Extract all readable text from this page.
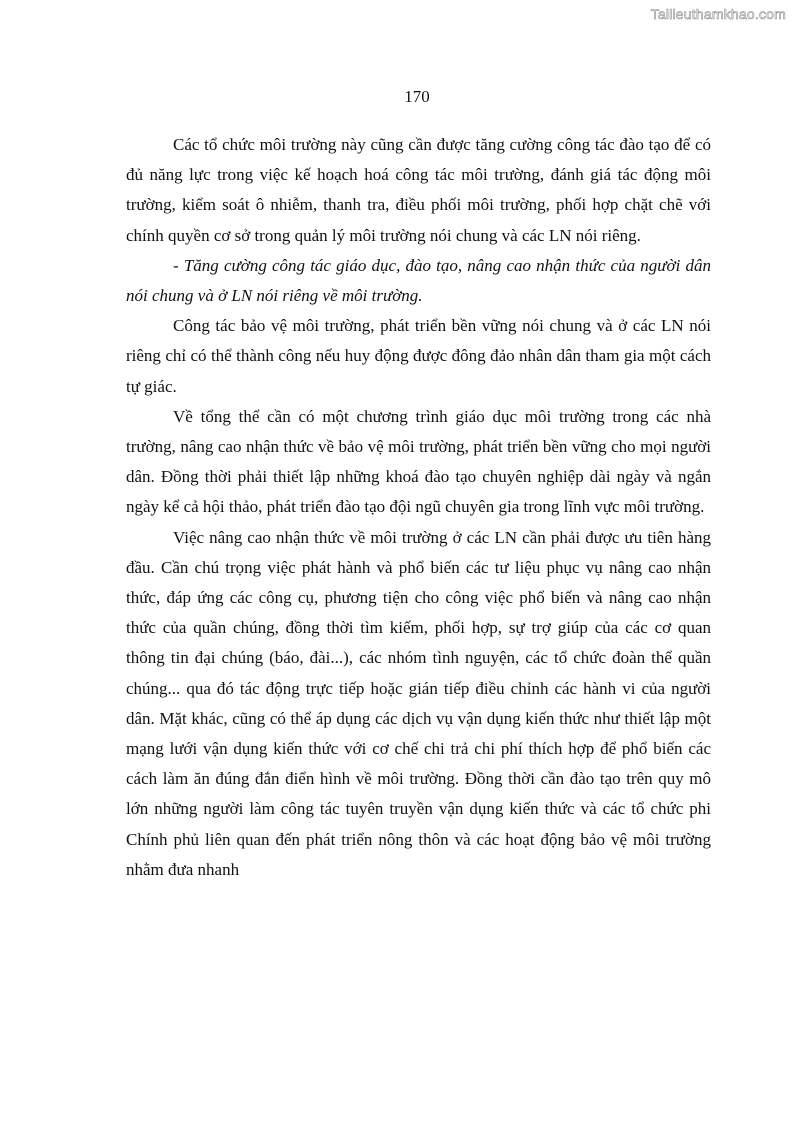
Tailieuthamkhao.com
170

Các tổ chức môi trường này cũng cần được tăng cường công tác đào tạo để có đủ năng lực trong việc kế hoạch hoá công tác môi trường, đánh giá tác động môi trường, kiểm soát ô nhiễm, thanh tra, điều phối môi trường, phối hợp chặt chẽ với chính quyền cơ sở trong quản lý môi trường nói chung và các LN nói riêng.

- Tăng cường công tác giáo dục, đào tạo, nâng cao nhận thức của người dân nói chung và ở LN nói riêng về môi trường.

Công tác bảo vệ môi trường, phát triển bền vững nói chung và ở các LN nói riêng chỉ có thể thành công nếu huy động được đông đảo nhân dân tham gia một cách tự giác.

Về tổng thể cần có một chương trình giáo dục môi trường trong các nhà trường, nâng cao nhận thức về bảo vệ môi trường, phát triển bền vững cho mọi người dân. Đồng thời phải thiết lập những khoá đào tạo chuyên nghiệp dài ngày và ngắn ngày kể cả hội thảo, phát triển đào tạo đội ngũ chuyên gia trong lĩnh vực môi trường.

Việc nâng cao nhận thức về môi trường ở các LN cần phải được ưu tiên hàng đầu. Cần chú trọng việc phát hành và phổ biến các tư liệu phục vụ nâng cao nhận thức, đáp ứng các công cụ, phương tiện cho công việc phổ biến và nâng cao nhận thức của quần chúng, đồng thời tìm kiếm, phối hợp, sự trợ giúp của các cơ quan thông tin đại chúng (báo, đài...), các nhóm tình nguyện, các tổ chức đoàn thể quần chúng... qua đó tác động trực tiếp hoặc gián tiếp điều chỉnh các hành vi của người dân. Mặt khác, cũng có thể áp dụng các dịch vụ vận dụng kiến thức như thiết lập một mạng lưới vận dụng kiến thức với cơ chế chi trả chi phí thích hợp để phổ biến các cách làm ăn đúng đắn điển hình về môi trường. Đồng thời cần đào tạo trên quy mô lớn những người làm công tác tuyên truyền vận dụng kiến thức và các tổ chức phi Chính phủ liên quan đến phát triển nông thôn và các hoạt động bảo vệ môi trường nhằm đưa nhanh
